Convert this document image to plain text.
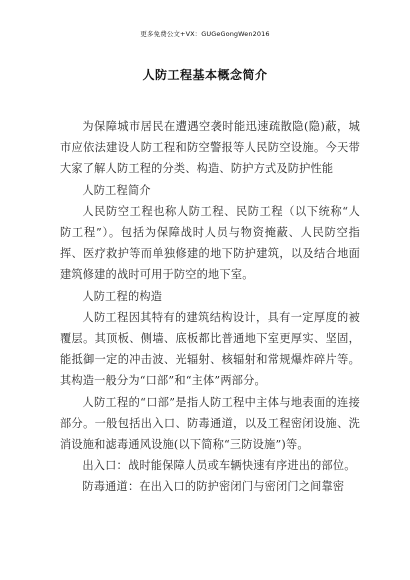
更多免费公文+VX：GUGeGongWen2016
人防工程基本概念简介

为保障城市居民在遭遇空袭时能迅速疏散隐(隐)蔽，城市应依法建设人防工程和防空警报等人民防空设施。今天带大家了解人防工程的分类、构造、防护方式及防护性能

人防工程简介

人民防空工程也称人防工程、民防工程（以下统称“人防工程”）。包括为保障战时人员与物资掩蔽、人民防空指挥、医疗救护等而单独修建的地下防护建筑，以及结合地面建筑修建的战时可用于防空的地下室。

人防工程的构造

人防工程因其特有的建筑结构设计，具有一定厚度的被覆层。其顶板、侧墙、底板都比普通地下室更厚实、坚固，能抵御一定的冲击波、光辐射、核辐射和常规爆炸碎片等。其构造一般分为“口部”和“主体”两部分。

人防工程的“口部”是指人防工程中主体与地表面的连接部分。一般包括出入口、防毒通道，以及工程密闭设施、洗消设施和滤毒通风设施(以下简称“三防设施”)等。

出入口：战时能保障人员或车辆快速有序进出的部位。

防毒通道：在出入口的防护密闭门与密闭门之间靠密
